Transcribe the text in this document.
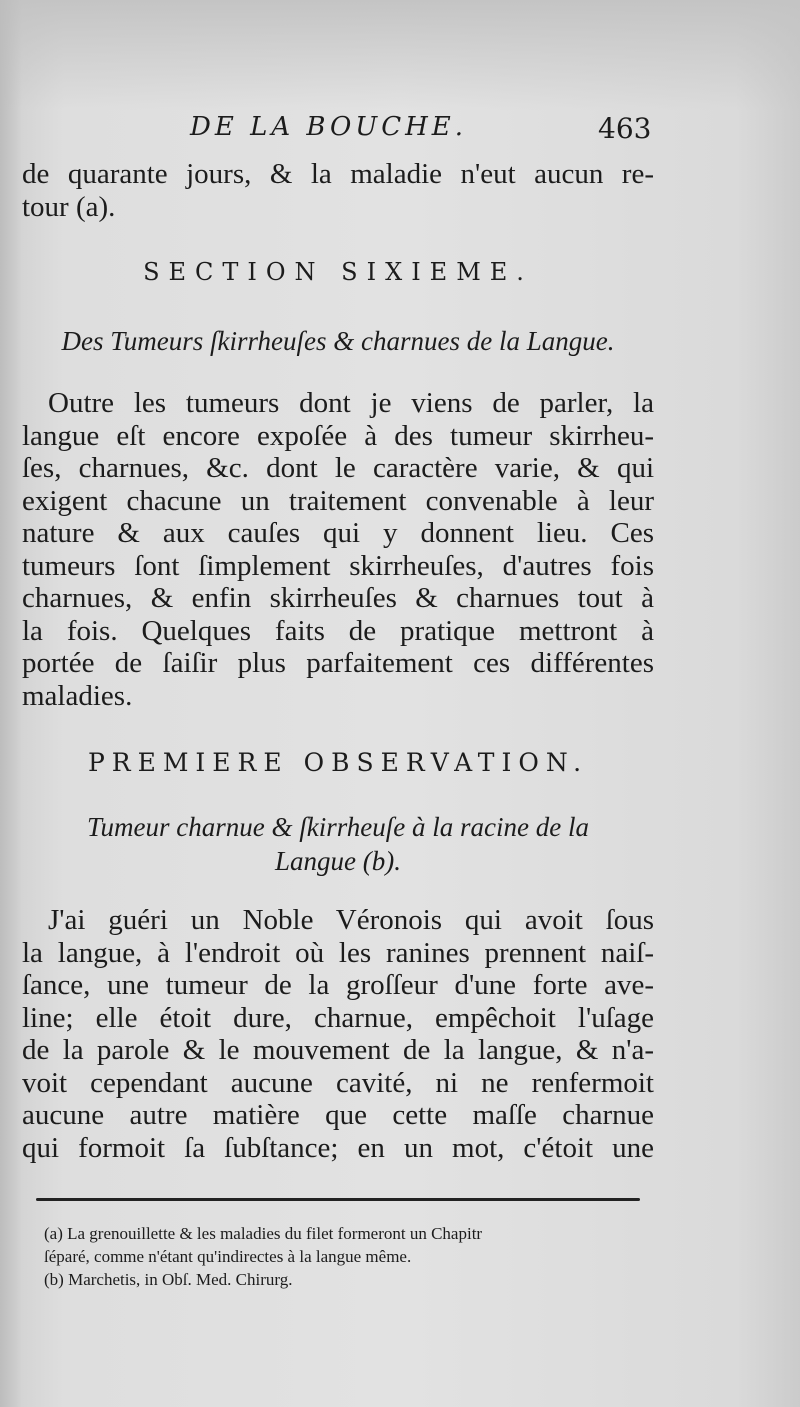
DE LA BOUCHE.	463
de quarante jours, & la maladie n'eut aucun re-
tour (a).
SECTION SIXIEME.
Des Tumeurs ſkirrheuſes & charnues de la Langue.
Outre les tumeurs dont je viens de parler, la
langue eſt encore expoſée à des tumeur skirrheu-
ſes, charnues, &c. dont le caractère varie, & qui
exigent chacune un traitement convenable à leur
nature & aux cauſes qui y donnent lieu. Ces
tumeurs ſont ſimplement skirrheuſes, d'autres fois
charnues, & enfin skirrheuſes & charnues tout à
la fois. Quelques faits de pratique mettront à
portée de ſaiſir plus parfaitement ces différentes
maladies.
PREMIERE OBSERVATION.
Tumeur charnue & ſkirrheuſe à la racine de la
Langue (b).
J'ai guéri un Noble Véronois qui avoit ſous
la langue, à l'endroit où les ranines prennent naiſ-
ſance, une tumeur de la groſſeur d'une forte ave-
line; elle étoit dure, charnue, empêchoit l'uſage
de la parole & le mouvement de la langue, & n'a-
voit cependant aucune cavité, ni ne renfermoit
aucune autre matière que cette maſſe charnue
qui formoit ſa ſubſtance; en un mot, c'étoit une
(a) La grenouillette & les maladies du filet formeront un Chapitr
ſéparé, comme n'étant qu'indirectes à la langue même.
(b) Marchetis, in Obſ. Med. Chirurg.
